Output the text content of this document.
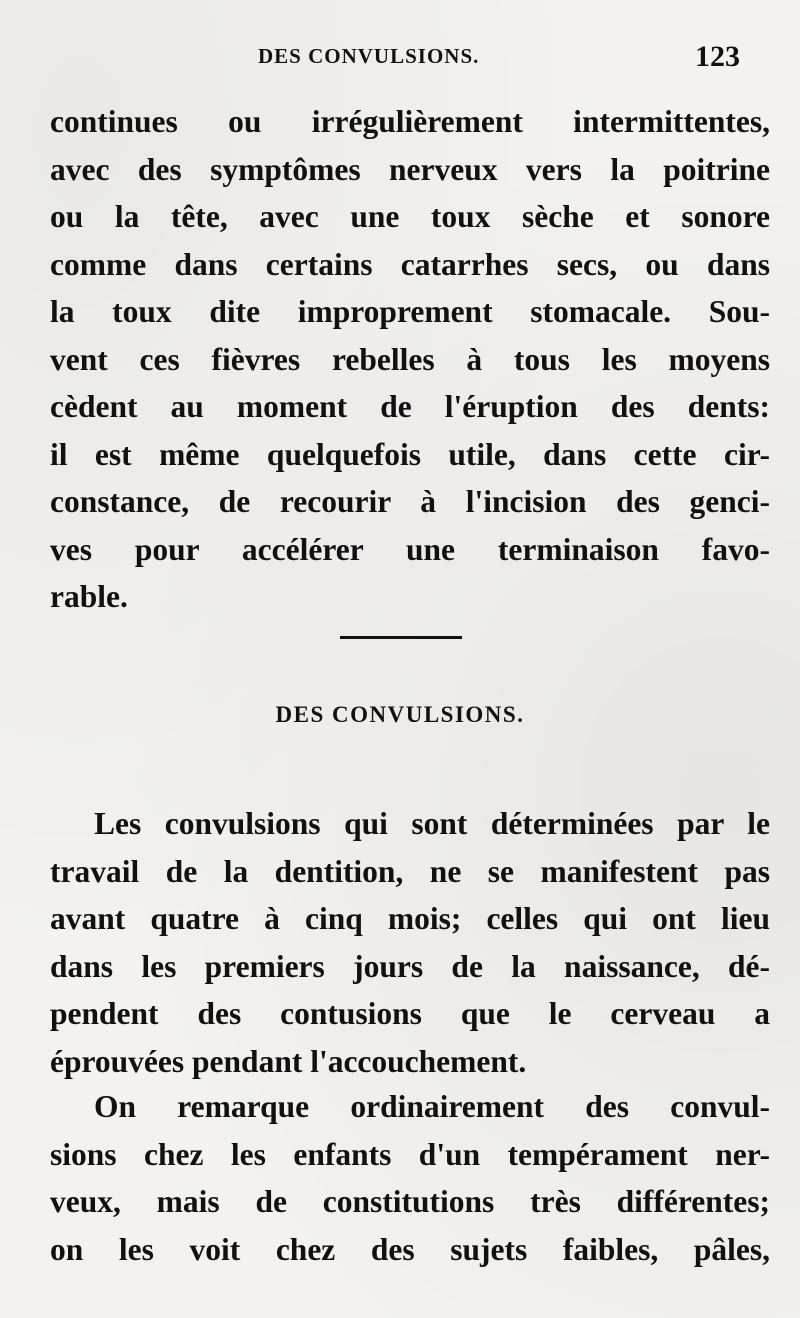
DES CONVULSIONS.	123
continues ou irrégulièrement intermittentes,
avec des symptômes nerveux vers la poitrine
ou la tête, avec une toux sèche et sonore
comme dans certains catarrhes secs, ou dans
la toux dite improprement stomacale. Sou-
vent ces fièvres rebelles à tous les moyens
cèdent au moment de l'éruption des dents:
il est même quelquefois utile, dans cette cir-
constance, de recourir à l'incision des genci-
ves pour accélérer une terminaison favo-
rable.
DES CONVULSIONS.
Les convulsions qui sont déterminées par le
travail de la dentition, ne se manifestent pas
avant quatre à cinq mois; celles qui ont lieu
dans les premiers jours de la naissance, dé-
pendent des contusions que le cerveau a
éprouvées pendant l'accouchement.
On remarque ordinairement des convul-
sions chez les enfants d'un tempérament ner-
veux, mais de constitutions très différentes;
on les voit chez des sujets faibles, pâles,
